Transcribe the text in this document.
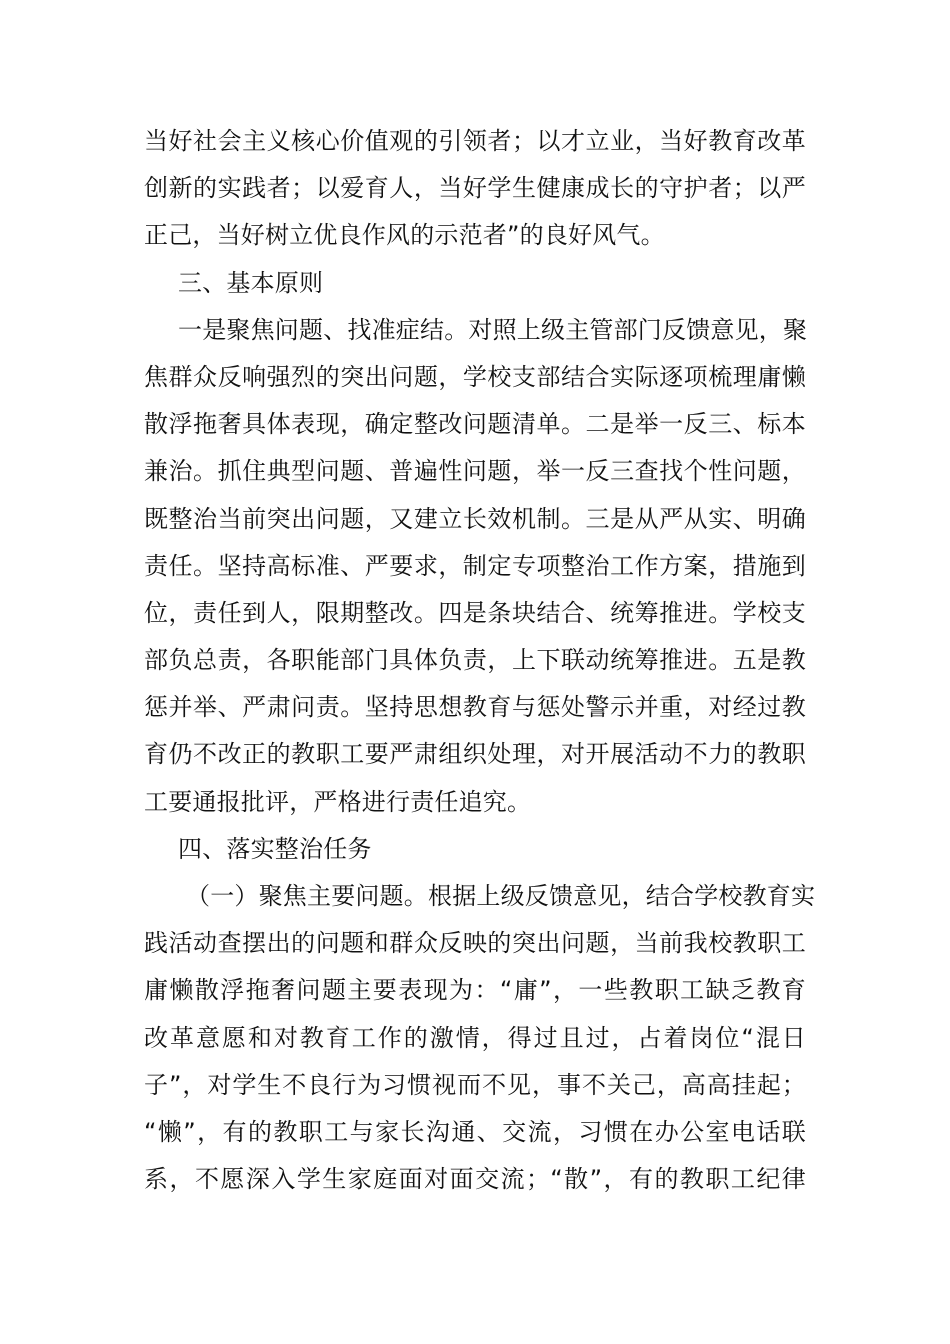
当好社会主义核心价值观的引领者；以才立业，当好教育改革
创新的实践者；以爱育人，当好学生健康成长的守护者；以严
正己，当好树立优良作风的示范者”的良好风气。
三、基本原则
一是聚焦问题、找准症结。对照上级主管部门反馈意见，聚
焦群众反响强烈的突出问题，学校支部结合实际逐项梳理庸懒
散浮拖奢具体表现，确定整改问题清单。二是举一反三、标本
兼治。抓住典型问题、普遍性问题，举一反三查找个性问题，
既整治当前突出问题，又建立长效机制。三是从严从实、明确
责任。坚持高标准、严要求，制定专项整治工作方案，措施到
位，责任到人，限期整改。四是条块结合、统筹推进。学校支
部负总责，各职能部门具体负责，上下联动统筹推进。五是教
惩并举、严肃问责。坚持思想教育与惩处警示并重，对经过教
育仍不改正的教职工要严肃组织处理，对开展活动不力的教职
工要通报批评，严格进行责任追究。
四、落实整治任务
（一）聚焦主要问题。根据上级反馈意见，结合学校教育实
践活动查摆出的问题和群众反映的突出问题，当前我校教职工
庸懒散浮拖奢问题主要表现为：“庸”，一些教职工缺乏教育
改革意愿和对教育工作的激情，得过且过，占着岗位“混日
子”，对学生不良行为习惯视而不见，事不关己，高高挂起；
“懒”，有的教职工与家长沟通、交流，习惯在办公室电话联
系，不愿深入学生家庭面对面交流；“散”，有的教职工纪律
